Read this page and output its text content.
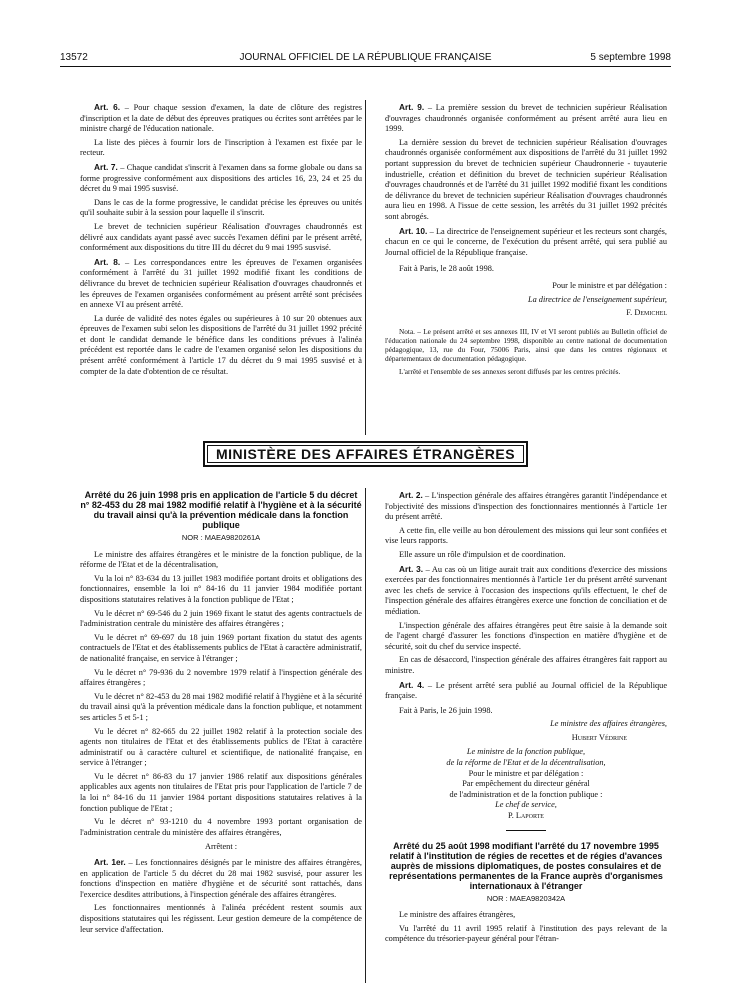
13572	JOURNAL OFFICIEL DE LA RÉPUBLIQUE FRANÇAISE	5 septembre 1998

Art. 6. – Pour chaque session d'examen, la date de clôture des registres d'inscription et la date de début des épreuves pratiques ou écrites sont arrêtées par le ministre chargé de l'éducation nationale.

La liste des pièces à fournir lors de l'inscription à l'examen est fixée par le recteur.

Art. 7. – Chaque candidat s'inscrit à l'examen dans sa forme globale ou dans sa forme progressive conformément aux dispositions des articles 16, 23, 24 et 25 du décret du 9 mai 1995 susvisé.

Dans le cas de la forme progressive, le candidat précise les épreuves ou unités qu'il souhaite subir à la session pour laquelle il s'inscrit.

Le brevet de technicien supérieur Réalisation d'ouvrages chaudronnés est délivré aux candidats ayant passé avec succès l'examen défini par le présent arrêté, conformément aux dispositions du titre III du décret du 9 mai 1995 susvisé.

Art. 8. – Les correspondances entre les épreuves de l'examen organisées conformément à l'arrêté du 31 juillet 1992 modifié fixant les conditions de délivrance du brevet de technicien supérieur Réalisation d'ouvrages chaudronnés et les épreuves de l'examen organisées conformément au présent arrêté sont précisées en annexe VI au présent arrêté.

La durée de validité des notes égales ou supérieures à 10 sur 20 obtenues aux épreuves de l'examen subi selon les dispositions de l'arrêté du 31 juillet 1992 précité et dont le candidat demande le bénéfice dans les conditions prévues à l'alinéa précédent est reportée dans le cadre de l'examen organisé selon les dispositions du présent arrêté conformément à l'article 17 du décret du 9 mai 1995 susvisé et à compter de la date d'obtention de ce résultat.

Art. 9. – La première session du brevet de technicien supérieur Réalisation d'ouvrages chaudronnés organisée conformément au présent arrêté aura lieu en 1999.

La dernière session du brevet de technicien supérieur Réalisation d'ouvrages chaudronnés organisée conformément aux dispositions de l'arrêté du 31 juillet 1992 portant suppression du brevet de technicien supérieur Chaudronnerie - tuyauterie industrielle, création et définition du brevet de technicien supérieur Réalisation d'ouvrages chaudronnés et de l'arrêté du 31 juillet 1992 modifié fixant les conditions de délivrance du brevet de technicien supérieur Réalisation d'ouvrages chaudronnés aura lieu en 1998. A l'issue de cette session, les arrêtés du 31 juillet 1992 précités sont abrogés.

Art. 10. – La directrice de l'enseignement supérieur et les recteurs sont chargés, chacun en ce qui le concerne, de l'exécution du présent arrêté, qui sera publié au Journal officiel de la République française.

Fait à Paris, le 28 août 1998.

Pour le ministre et par délégation :

La directrice de l'enseignement supérieur,

F. Demichel

Nota. – Le présent arrêté et ses annexes III, IV et VI seront publiés au Bulletin officiel de l'éducation nationale du 24 septembre 1998, disponible au centre national de documentation pédagogique, 13, rue du Four, 75006 Paris, ainsi que dans les centres régionaux et départementaux de documentation pédagogique.

L'arrêté et l'ensemble de ses annexes seront diffusés par les centres précités.

MINISTÈRE DES AFFAIRES ÉTRANGÈRES

Arrêté du 26 juin 1998 pris en application de l'article 5 du décret n° 82-453 du 28 mai 1982 modifié relatif à l'hygiène et à la sécurité du travail ainsi qu'à la prévention médicale dans la fonction publique

NOR : MAEA9820261A

Le ministre des affaires étrangères et le ministre de la fonction publique, de la réforme de l'Etat et de la décentralisation,

Vu la loi n° 83-634 du 13 juillet 1983 modifiée portant droits et obligations des fonctionnaires, ensemble la loi n° 84-16 du 11 janvier 1984 modifiée portant dispositions statutaires relatives à la fonction publique de l'Etat ;

Vu le décret n° 69-546 du 2 juin 1969 fixant le statut des agents contractuels de l'administration centrale du ministère des affaires étrangères ;

Vu le décret n° 69-697 du 18 juin 1969 portant fixation du statut des agents contractuels de l'Etat et des établissements publics de l'Etat à caractère administratif, de nationalité française, en service à l'étranger ;

Vu le décret n° 79-936 du 2 novembre 1979 relatif à l'inspection générale des affaires étrangères ;

Vu le décret n° 82-453 du 28 mai 1982 modifié relatif à l'hygiène et à la sécurité du travail ainsi qu'à la prévention médicale dans la fonction publique, et notamment ses articles 5 et 5-1 ;

Vu le décret n° 82-665 du 22 juillet 1982 relatif à la protection sociale des agents non titulaires de l'Etat et des établissements publics de l'Etat à caractère administratif ou à caractère culturel et scientifique, de nationalité française, en service à l'étranger ;

Vu le décret n° 86-83 du 17 janvier 1986 relatif aux dispositions générales applicables aux agents non titulaires de l'Etat pris pour l'application de l'article 7 de la loi n° 84-16 du 11 janvier 1984 portant dispositions statutaires relatives à la fonction publique de l'Etat ;

Vu le décret n° 93-1210 du 4 novembre 1993 portant organisation de l'administration centrale du ministère des affaires étrangères,

Arrêtent :

Art. 1er. – Les fonctionnaires désignés par le ministre des affaires étrangères, en application de l'article 5 du décret du 28 mai 1982 susvisé, pour assurer les fonctions d'inspection en matière d'hygiène et de sécurité sont rattachés, dans l'exercice desdites attributions, à l'inspection générale des affaires étrangères.

Les fonctionnaires mentionnés à l'alinéa précédent restent soumis aux dispositions statutaires qui les régissent. Leur gestion demeure de la compétence de leur service d'affectation.

Art. 2. – L'inspection générale des affaires étrangères garantit l'indépendance et l'objectivité des missions d'inspection des fonctionnaires mentionnés à l'article 1er du présent arrêté.

A cette fin, elle veille au bon déroulement des missions qui leur sont confiées et vise leurs rapports.

Elle assure un rôle d'impulsion et de coordination.

Art. 3. – Au cas où un litige aurait trait aux conditions d'exercice des missions exercées par des fonctionnaires mentionnés à l'article 1er du présent arrêté survenant avec les chefs de service à l'occasion des inspections qu'ils effectuent, le chef de l'inspection générale des affaires étrangères exerce une fonction de conciliation et de médiation.

L'inspection générale des affaires étrangères peut être saisie à la demande soit de l'agent chargé d'assurer les fonctions d'inspection en matière d'hygiène et de sécurité, soit du chef du service inspecté.

En cas de désaccord, l'inspection générale des affaires étrangères fait rapport au ministre.

Art. 4. – Le présent arrêté sera publié au Journal officiel de la République française.

Fait à Paris, le 26 juin 1998.

Le ministre des affaires étrangères,

Hubert Védrine

Le ministre de la fonction publique,

de la réforme de l'Etat et de la décentralisation,

Pour le ministre et par délégation :

Par empêchement du directeur général

de l'administration et de la fonction publique :

Le chef de service,

P. Laporte

Arrêté du 25 août 1998 modifiant l'arrêté du 17 novembre 1995 relatif à l'institution de régies de recettes et de régies d'avances auprès de missions diplomatiques, de postes consulaires et de représentations permanentes de la France auprès d'organismes internationaux à l'étranger

NOR : MAEA9820342A

Le ministre des affaires étrangères,

Vu l'arrêté du 11 avril 1995 relatif à l'institution des pays relevant de la compétence du trésorier-payeur général pour l'étran-
